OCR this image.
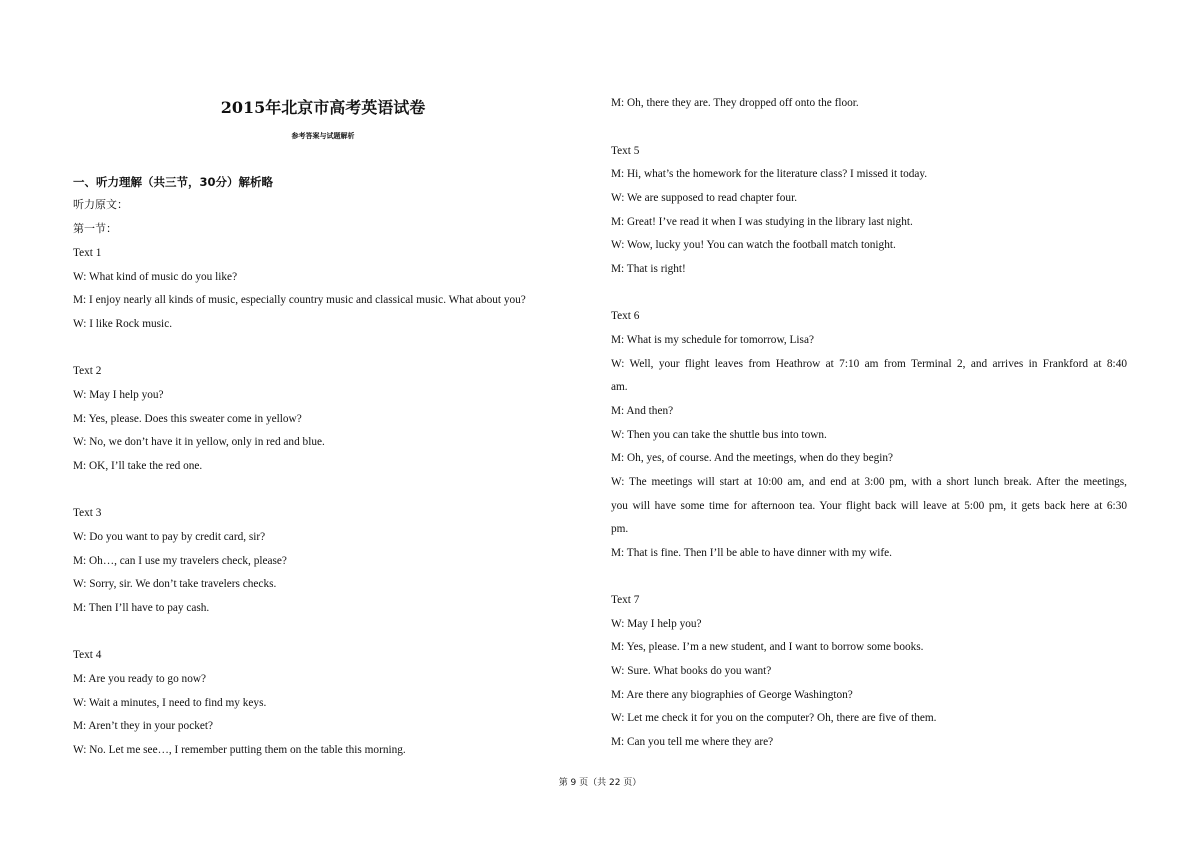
2015年北京市高考英语试卷
参考答案与试题解析
一、听力理解（共三节，30分）解析略
听力原文：
第一节：
Text 1
W: What kind of music do you like?
M: I enjoy nearly all kinds of music, especially country music and classical music. What about you?
W: I like Rock music.
Text 2
W: May I help you?
M: Yes, please. Does this sweater come in yellow?
W: No, we don’t have it in yellow, only in red and blue.
M: OK, I’ll take the red one.
Text 3
W: Do you want to pay by credit card, sir?
M: Oh…, can I use my travelers check, please?
W: Sorry, sir. We don’t take travelers checks.
M: Then I’ll have to pay cash.
Text 4
M: Are you ready to go now?
W: Wait a minutes, I need to find my keys.
M: Aren’t they in your pocket?
W: No. Let me see…, I remember putting them on the table this morning.
M: Oh, there they are. They dropped off onto the floor.
Text 5
M: Hi, what’s the homework for the literature class? I missed it today.
W: We are supposed to read chapter four.
M: Great! I’ve read it when I was studying in the library last night.
W: Wow, lucky you! You can watch the football match tonight.
M: That is right!
Text 6
M: What is my schedule for tomorrow, Lisa?
W: Well, your flight leaves from Heathrow at 7:10 am from Terminal 2, and arrives in Frankford at 8:40
am.
M: And then?
W: Then you can take the shuttle bus into town.
M: Oh, yes, of course. And the meetings, when do they begin?
W: The meetings will start at 10:00 am, and end at 3:00 pm, with a short lunch break. After the meetings,
you will have some time for afternoon tea. Your flight back will leave at 5:00 pm, it gets back here at 6:30
pm.
M: That is fine. Then I’ll be able to have dinner with my wife.
Text 7
W: May I help you?
M: Yes, please. I’m a new student, and I want to borrow some books.
W: Sure. What books do you want?
M: Are there any biographies of George Washington?
W: Let me check it for you on the computer? Oh, there are five of them.
M: Can you tell me where they are?
第 9 页（共 22 页）
